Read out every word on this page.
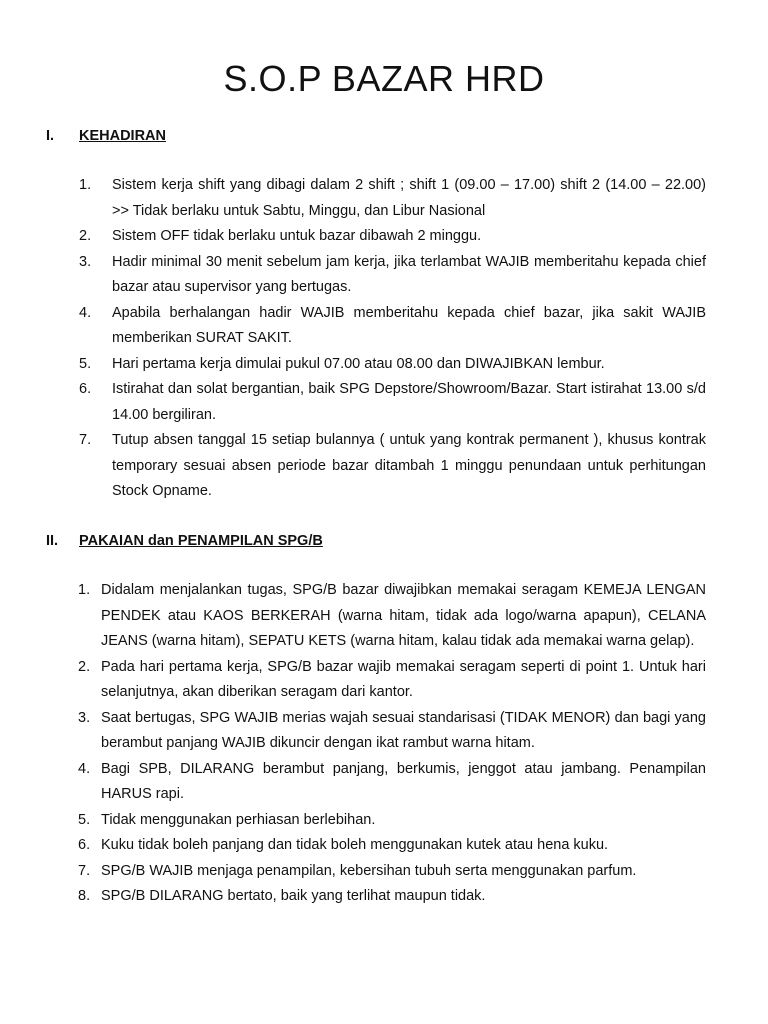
S.O.P BAZAR HRD
I.	KEHADIRAN
1. Sistem kerja shift yang dibagi dalam 2 shift ; shift 1 (09.00 – 17.00) shift 2 (14.00 – 22.00) >> Tidak berlaku untuk Sabtu, Minggu, dan Libur Nasional
2. Sistem OFF tidak berlaku untuk bazar dibawah 2 minggu.
3. Hadir minimal 30 menit sebelum jam kerja, jika terlambat WAJIB memberitahu kepada chief bazar atau supervisor yang bertugas.
4. Apabila berhalangan hadir WAJIB memberitahu kepada chief bazar, jika sakit WAJIB memberikan SURAT SAKIT.
5. Hari pertama kerja dimulai pukul 07.00 atau 08.00 dan DIWAJIBKAN lembur.
6. Istirahat dan solat bergantian, baik SPG Depstore/Showroom/Bazar. Start istirahat 13.00 s/d 14.00 bergiliran.
7. Tutup absen tanggal 15 setiap bulannya ( untuk yang kontrak permanent ), khusus kontrak temporary sesuai absen periode bazar ditambah 1 minggu penundaan untuk perhitungan Stock Opname.
II.	PAKAIAN dan PENAMPILAN SPG/B
1. Didalam menjalankan tugas, SPG/B bazar diwajibkan memakai seragam KEMEJA LENGAN PENDEK atau KAOS BERKERAH (warna hitam, tidak ada logo/warna apapun), CELANA JEANS (warna hitam), SEPATU KETS (warna hitam, kalau tidak ada memakai warna gelap).
2. Pada hari pertama kerja, SPG/B bazar wajib memakai seragam seperti di point 1. Untuk hari selanjutnya, akan diberikan seragam dari kantor.
3. Saat bertugas, SPG WAJIB merias wajah sesuai standarisasi (TIDAK MENOR) dan bagi yang berambut panjang WAJIB dikuncir dengan ikat rambut warna hitam.
4. Bagi SPB, DILARANG berambut panjang, berkumis, jenggot atau jambang. Penampilan HARUS rapi.
5. Tidak menggunakan perhiasan berlebihan.
6. Kuku tidak boleh panjang dan tidak boleh menggunakan kutek atau hena kuku.
7. SPG/B WAJIB menjaga penampilan, kebersihan tubuh serta menggunakan parfum.
8. SPG/B DILARANG bertato, baik yang terlihat maupun tidak.
